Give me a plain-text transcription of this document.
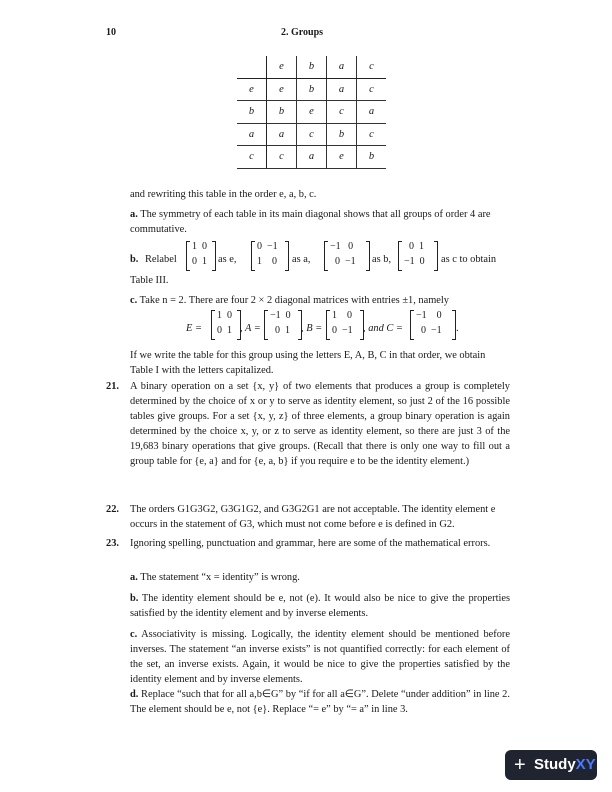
10	2. Groups
	e	b	a	c
e	e	b	a	c
b	b	e	c	a
a	a	c	b	c
c	c	a	e	b
and rewriting this table in the order e, a, b, c.
a. The symmetry of each table in its main diagonal shows that all groups of order 4 are commutative.
b. Relabel
1  0
0  1 as e,
0  −1
1    0 as a,
−1   0
0  −1 as b,
0  1
−1  0 as c to obtain
Table III.
c. Take n = 2. There are four 2 × 2 diagonal matrices with entries ±1, namely
E =
1  0
0  1 , A =
−1  0
0  1 , B =
1    0
0  −1 , and C =
−1    0
0  −1 .
If we write the table for this group using the letters E, A, B, C in that order, we obtain Table I with the letters capitalized.
21. A binary operation on a set {x, y} of two elements that produces a group is completely determined by the choice of x or y to serve as identity element, so just 2 of the 16 possible tables give groups. For a set {x, y, z} of three elements, a group binary operation is again determined by the choice x, y, or z to serve as identity element, so there are just 3 of the 19,683 binary operations that give groups. (Recall that there is only one way to fill out a group table for {e, a} and for {e, a, b} if you require e to be the identity element.)
22. The orders G1G3G2, G3G1G2, and G3G2G1 are not acceptable. The identity element e occurs in the statement of G3, which must not come before e is defined in G2.
23. Ignoring spelling, punctuation and grammar, here are some of the mathematical errors.
a. The statement “x = identity” is wrong.
b. The identity element should be e, not (e). It would also be nice to give the properties satisfied by the identity element and by inverse elements.
c. Associativity is missing. Logically, the identity element should be mentioned before inverses. The statement “an inverse exists” is not quantified correctly: for each element of the set, an inverse exists. Again, it would be nice to give the properties satisfied by the identity element and by inverse elements.
d. Replace “such that for all a,b∈G” by “if for all a∈G”. Delete “under addition” in line 2. The element should be e, not {e}. Replace “= e” by “= a” in line 3.
+ StudyXY
